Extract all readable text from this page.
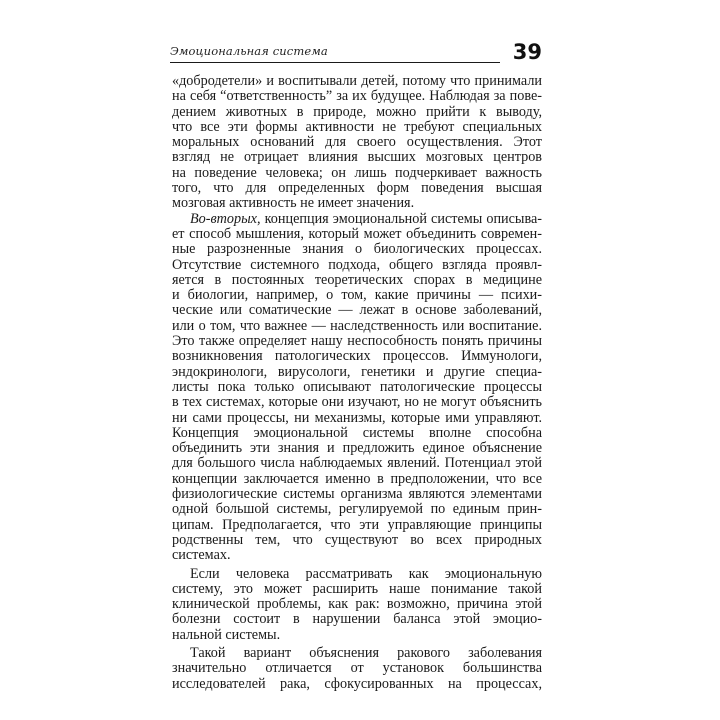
Эмоциональная система	39
«добродетели» и воспитывали детей, потому что принимали
на себя “ответственность” за их будущее. Наблюдая за пове-
дением животных в природе, можно прийти к выводу,
что все эти формы активности не требуют специальных
моральных оснований для своего осуществления. Этот
взгляд не отрицает влияния высших мозговых центров
на поведение человека; он лишь подчеркивает важность
того, что для определенных форм поведения высшая
мозговая активность не имеет значения.
Во-вторых, концепция эмоциональной системы описыва-
ет способ мышления, который может объединить современ-
ные разрозненные знания о биологических процессах.
Отсутствие системного подхода, общего взгляда проявл-
яется в постоянных теоретических спорах в медицине
и биологии, например, о том, какие причины — психи-
ческие или соматические — лежат в основе заболеваний,
или о том, что важнее — наследственность или воспитание.
Это также определяет нашу неспособность понять причины
возникновения патологических процессов. Иммунологи,
эндокринологи, вирусологи, генетики и другие специа-
листы пока только описывают патологические процессы
в тех системах, которые они изучают, но не могут объяснить
ни сами процессы, ни механизмы, которые ими управляют.
Концепция эмоциональной системы вполне способна
объединить эти знания и предложить единое объяснение
для большого числа наблюдаемых явлений. Потенциал этой
концепции заключается именно в предположении, что все
физиологические системы организма являются элементами
одной большой системы, регулируемой по единым прин-
ципам. Предполагается, что эти управляющие принципы
родственны тем, что существуют во всех природных
системах.
Если человека рассматривать как эмоциональную
систему, это может расширить наше понимание такой
клинической проблемы, как рак: возможно, причина этой
болезни состоит в нарушении баланса этой эмоцио-
нальной системы.
Такой вариант объяснения ракового заболевания
значительно отличается от установок большинства
исследователей рака, сфокусированных на процессах,
